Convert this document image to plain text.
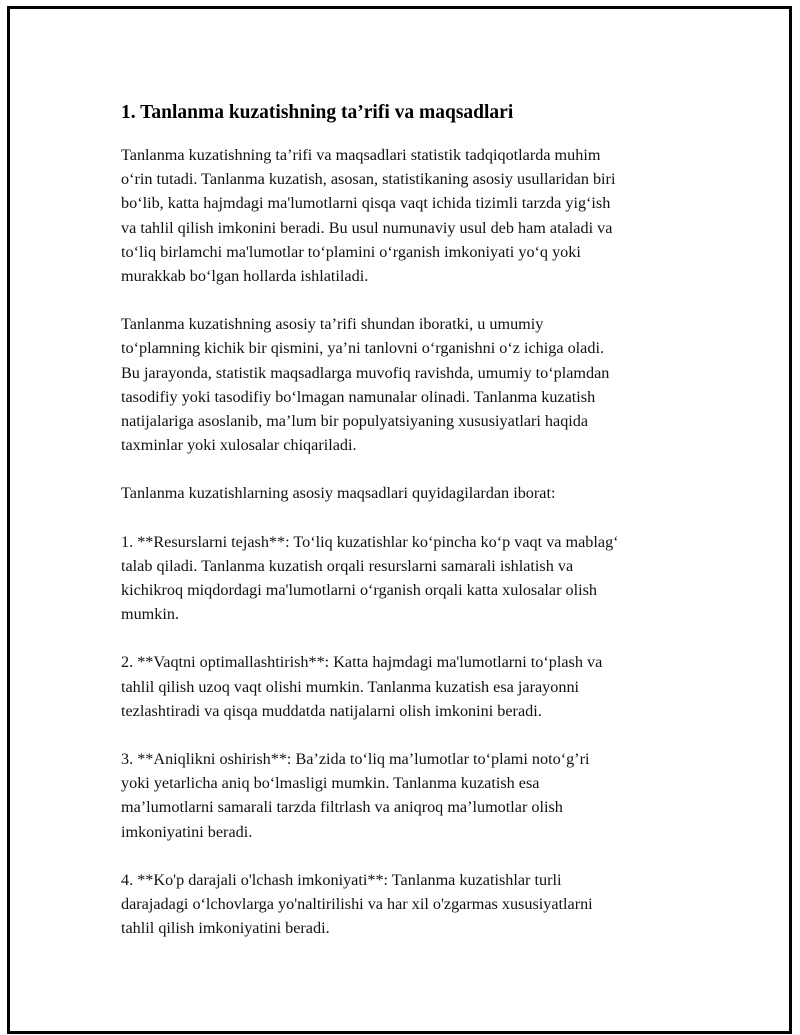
1. Tanlanma kuzatishning ta’rifi va maqsadlari

Tanlanma kuzatishning ta’rifi va maqsadlari statistik tadqiqotlarda muhim
o‘rin tutadi. Tanlanma kuzatish, asosan, statistikaning asosiy usullaridan biri
bo‘lib, katta hajmdagi ma'lumotlarni qisqa vaqt ichida tizimli tarzda yig‘ish
va tahlil qilish imkonini beradi. Bu usul numunaviy usul deb ham ataladi va
to‘liq birlamchi ma'lumotlar to‘plamini o‘rganish imkoniyati yo‘q yoki
murakkab bo‘lgan hollarda ishlatiladi.

Tanlanma kuzatishning asosiy ta’rifi shundan iboratki, u umumiy
to‘plamning kichik bir qismini, ya’ni tanlovni o‘rganishni o‘z ichiga oladi.
Bu jarayonda, statistik maqsadlarga muvofiq ravishda, umumiy to‘plamdan
tasodifiy yoki tasodifiy bo‘lmagan namunalar olinadi. Tanlanma kuzatish
natijalariga asoslanib, ma’lum bir populyatsiyaning xususiyatlari haqida
taxminlar yoki xulosalar chiqariladi.

Tanlanma kuzatishlarning asosiy maqsadlari quyidagilardan iborat:

1. **Resurslarni tejash**: To‘liq kuzatishlar ko‘pincha ko‘p vaqt va mablag‘
talab qiladi. Tanlanma kuzatish orqali resurslarni samarali ishlatish va
kichikroq miqdordagi ma'lumotlarni o‘rganish orqali katta xulosalar olish
mumkin.

2. **Vaqtni optimallashtirish**: Katta hajmdagi ma'lumotlarni to‘plash va
tahlil qilish uzoq vaqt olishi mumkin. Tanlanma kuzatish esa jarayonni
tezlashtiradi va qisqa muddatda natijalarni olish imkonini beradi.

3. **Aniqlikni oshirish**: Ba’zida to‘liq ma’lumotlar to‘plami noto‘g’ri
yoki yetarlicha aniq bo‘lmasligi mumkin. Tanlanma kuzatish esa
ma’lumotlarni samarali tarzda filtrlash va aniqroq ma’lumotlar olish
imkoniyatini beradi.

4. **Ko'p darajali o'lchash imkoniyati**: Tanlanma kuzatishlar turli
darajadagi o‘lchovlarga yo'naltirilishi va har xil o'zgarmas xususiyatlarni
tahlil qilish imkoniyatini beradi.
